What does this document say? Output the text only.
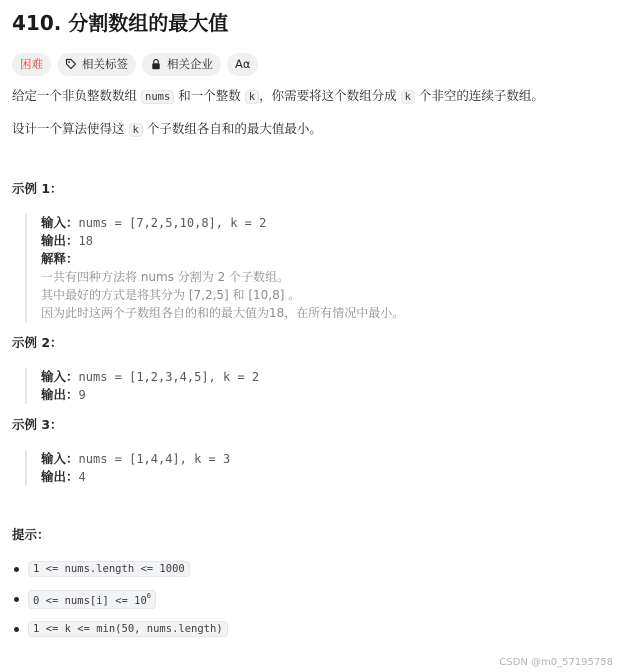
410. 分割数组的最大值
困难	相关标签	相关企业 Aα

给定一个非负整数数组 nums 和一个整数 k ，你需要将这个数组分成 k 个非空的连续子数组。

设计一个算法使得这 k 个子数组各自和的最大值最小。

示例 1：
输入：nums = [7,2,5,10,8], k = 2
输出：18
解释：
一共有四种方法将 nums 分割为 2 个子数组。
其中最好的方式是将其分为 [7,2,5] 和 [10,8] 。
因为此时这两个子数组各自的和的最大值为18，在所有情况中最小。
示例 2：
输入：nums = [1,2,3,4,5], k = 2
输出：9
示例 3：
输入：nums = [1,4,4], k = 3
输出：4
提示：
1 <= nums.length <= 1000
0 <= nums[i] <= $10^6$
1 <= k <= min(50, nums.length)
CSDN @m0_57195758
